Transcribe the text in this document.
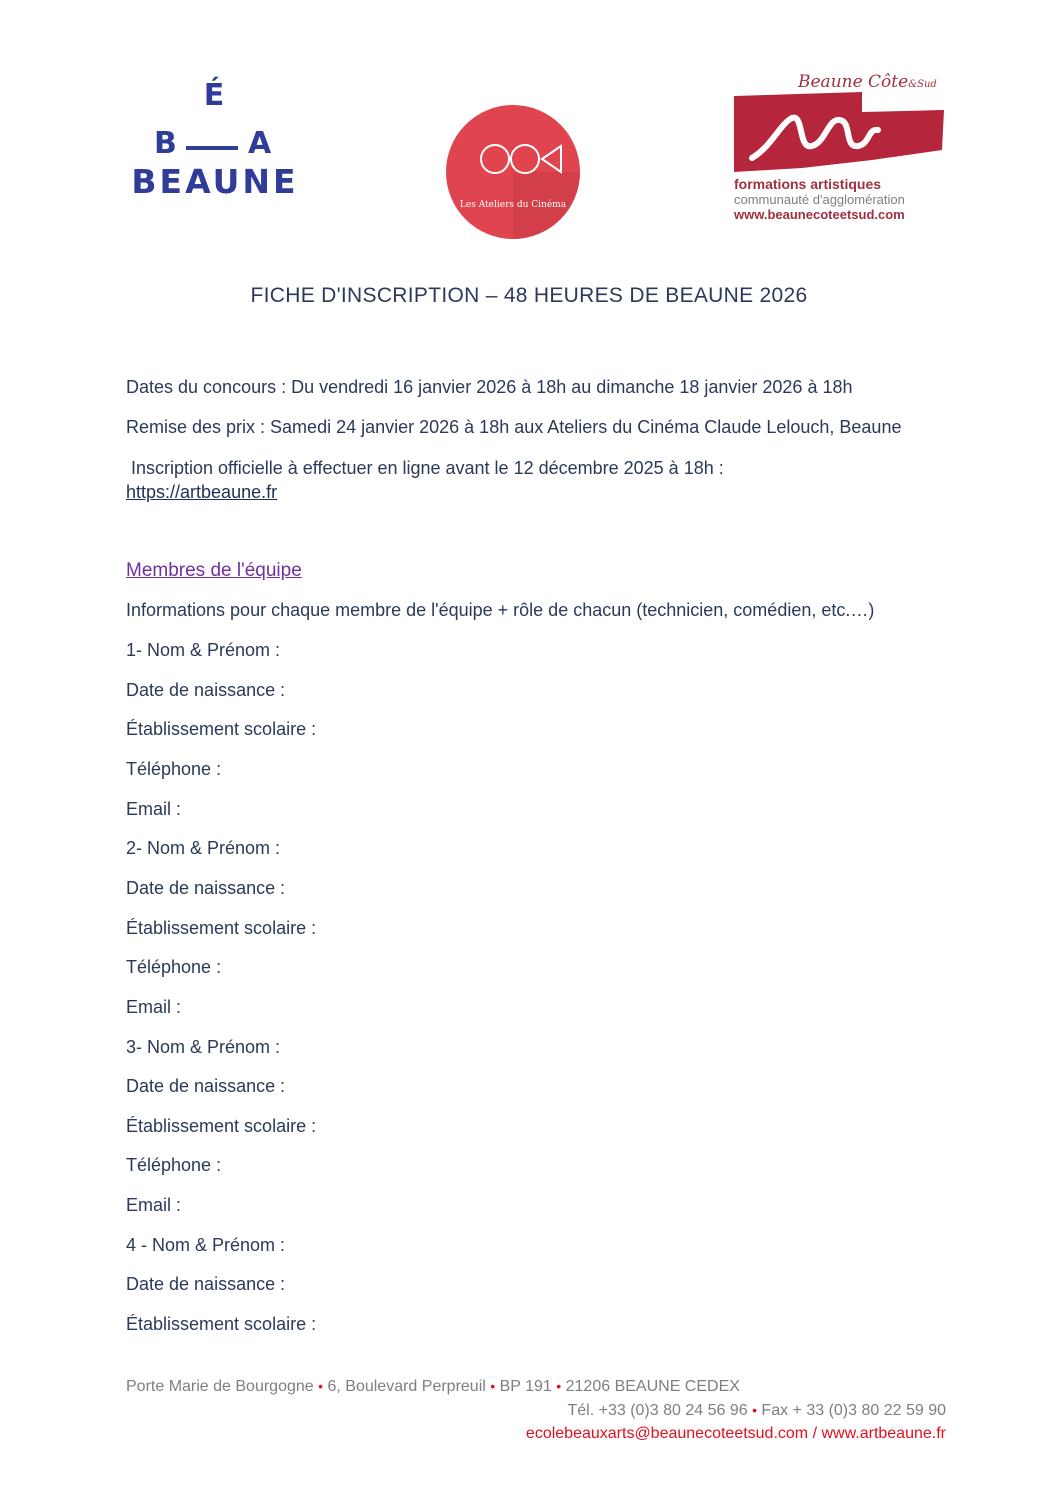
É
B A
BEAUNE
Les Ateliers du Cinéma
Beaune Côte&Sud
formations artistiques
communauté d'agglomération
www.beaunecoteetsud.com
FICHE D'INSCRIPTION – 48 HEURES DE BEAUNE 2026
Dates du concours : Du vendredi 16 janvier 2026 à 18h au dimanche 18 janvier 2026 à 18h
Remise des prix : Samedi 24 janvier 2026 à 18h aux Ateliers du Cinéma Claude Lelouch, Beaune
Inscription officielle à effectuer en ligne avant le 12 décembre 2025 à 18h :
https://artbeaune.fr
Membres de l'équipe
Informations pour chaque membre de l'équipe + rôle de chacun (technicien, comédien, etc.…)
1- Nom & Prénom :
Date de naissance :
Établissement scolaire :
Téléphone :
Email :
2- Nom & Prénom :
Date de naissance :
Établissement scolaire :
Téléphone :
Email :
3- Nom & Prénom :
Date de naissance :
Établissement scolaire :
Téléphone :
Email :
4 - Nom & Prénom :
Date de naissance :
Établissement scolaire :
Porte Marie de Bourgogne • 6, Boulevard Perpreuil • BP 191 • 21206 BEAUNE CEDEX
Tél. +33 (0)3 80 24 56 96 • Fax + 33 (0)3 80 22 59 90
ecolebeauxarts@beaunecoteetsud.com / www.artbeaune.fr
